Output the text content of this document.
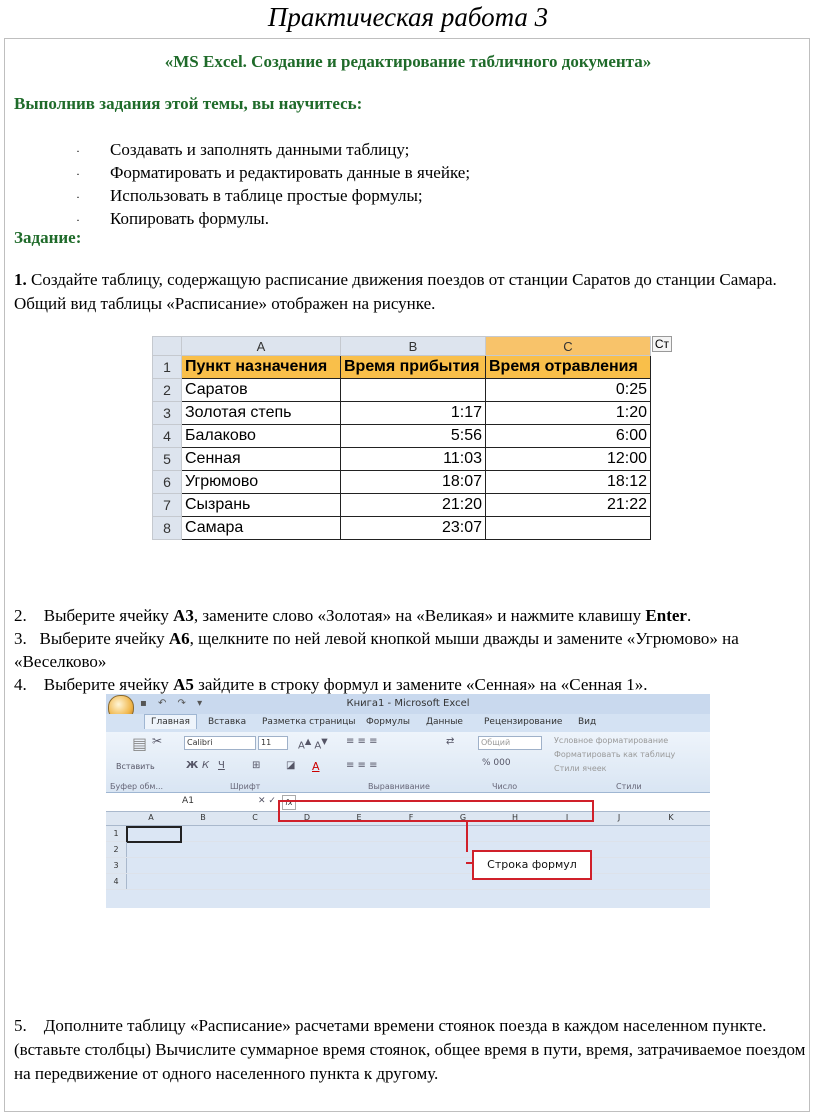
Практическая работа 3
«MS Excel. Создание и редактирование табличного документа»
Выполнив задания этой темы, вы научитесь:
· Создавать и заполнять данными таблицу;
· Форматировать и редактировать данные в ячейке;
· Использовать в таблице простые формулы;
· Копировать формулы.
Задание:
1. Создайте таблицу, содержащую расписание движения поездов от станции Саратов до станции Самара. Общий вид таблицы «Расписание» отображен на рисунке.
	A	B	C
1	Пункт назначения	Время прибытия	Время отравления
2	Саратов		0:25
3	Золотая степь	1:17	1:20
4	Балаково	5:56	6:00
5	Сенная	11:03	12:00
6	Угрюмово	18:07	18:12
7	Сызрань	21:20	21:22
8	Самара	23:07	
Ст
2. Выберите ячейку А3, замените слово «Золотая» на «Великая» и нажмите клавишу Enter.
3. Выберите ячейку А6, щелкните по ней левой кнопкой мыши дважды и замените «Угрюмово» на «Веселково»
4. Выберите ячейку А5 зайдите в строку формул и замените «Сенная» на «Сенная 1».
▪ ↶ ↷ ▾	Книга1 - Microsoft Excel
Главная	Вставка Разметка страницы Формулы Данные Рецензирование Вид
▤ ✂
Вставить
Calibri	11	A▲ A▼
Ж К Ч	⊞	◪ A
≡ ≡ ≡
≡ ≡ ≡
⇄	Общий
% 000
Условное форматирование
Форматировать как таблицу
Стили ячеек
Буфер обм...	Шрифт	Выравнивание	Число	Стили
A1	✕ ✓	fx
A	B	C	D	E	F	G	H	I	J	K
1
2
3
4
Строка формул
5. Дополните таблицу «Расписание» расчетами времени стоянок поезда в каждом населенном пункте. (вставьте столбцы) Вычислите суммарное время стоянок, общее время в пути, время, затрачиваемое поездом на передвижение от одного населенного пункта к другому.
